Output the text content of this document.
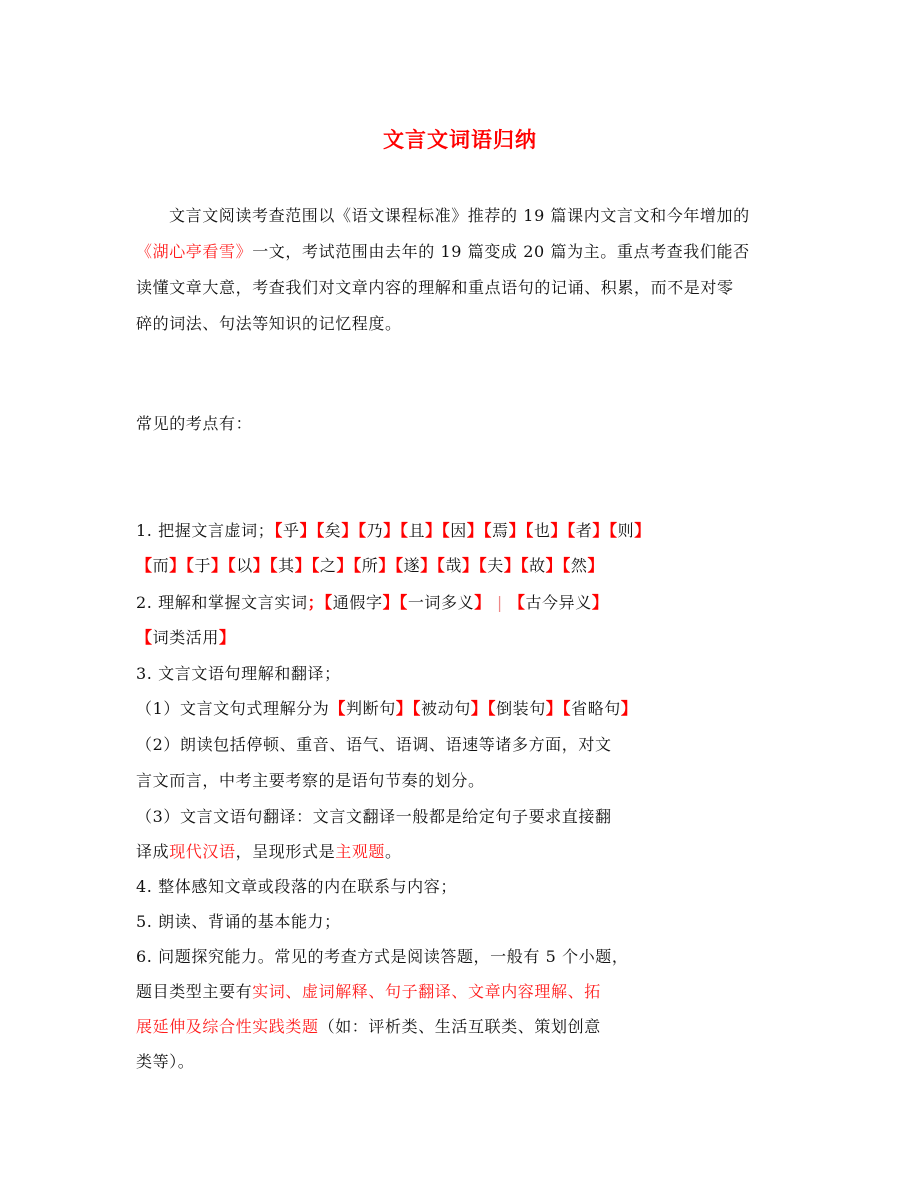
文言文词语归纳
文言文阅读考查范围以《语文课程标准》推荐的 19 篇课内文言文和今年增加的
《湖心亭看雪》一文，考试范围由去年的 19 篇变成 20 篇为主。重点考查我们能否
读懂文章大意，考查我们对文章内容的理解和重点语句的记诵、积累，而不是对零
碎的词法、句法等知识的记忆程度。
常见的考点有：
1. 把握文言虚词；【乎】【矣】【乃】【且】【因】【焉】【也】【者】【则】
【而】【于】【以】【其】【之】【所】【遂】【哉】【夫】【故】【然】
2. 理解和掌握文言实词；【通假字】【一词多义】 | 【古今异义】
【词类活用】
3. 文言文语句理解和翻译；
（1）文言文句式理解分为【判断句】【被动句】【倒装句】【省略句】
（2）朗读包括停顿、重音、语气、语调、语速等诸多方面，对文
言文而言，中考主要考察的是语句节奏的划分。
（3）文言文语句翻译：文言文翻译一般都是给定句子要求直接翻
译成现代汉语，呈现形式是主观题。
4. 整体感知文章或段落的内在联系与内容；
5. 朗读、背诵的基本能力；
6. 问题探究能力。常见的考查方式是阅读答题，一般有 5 个小题，
题目类型主要有实词、虚词解释、句子翻译、文章内容理解、拓
展延伸及综合性实践类题（如：评析类、生活互联类、策划创意
类等）。
